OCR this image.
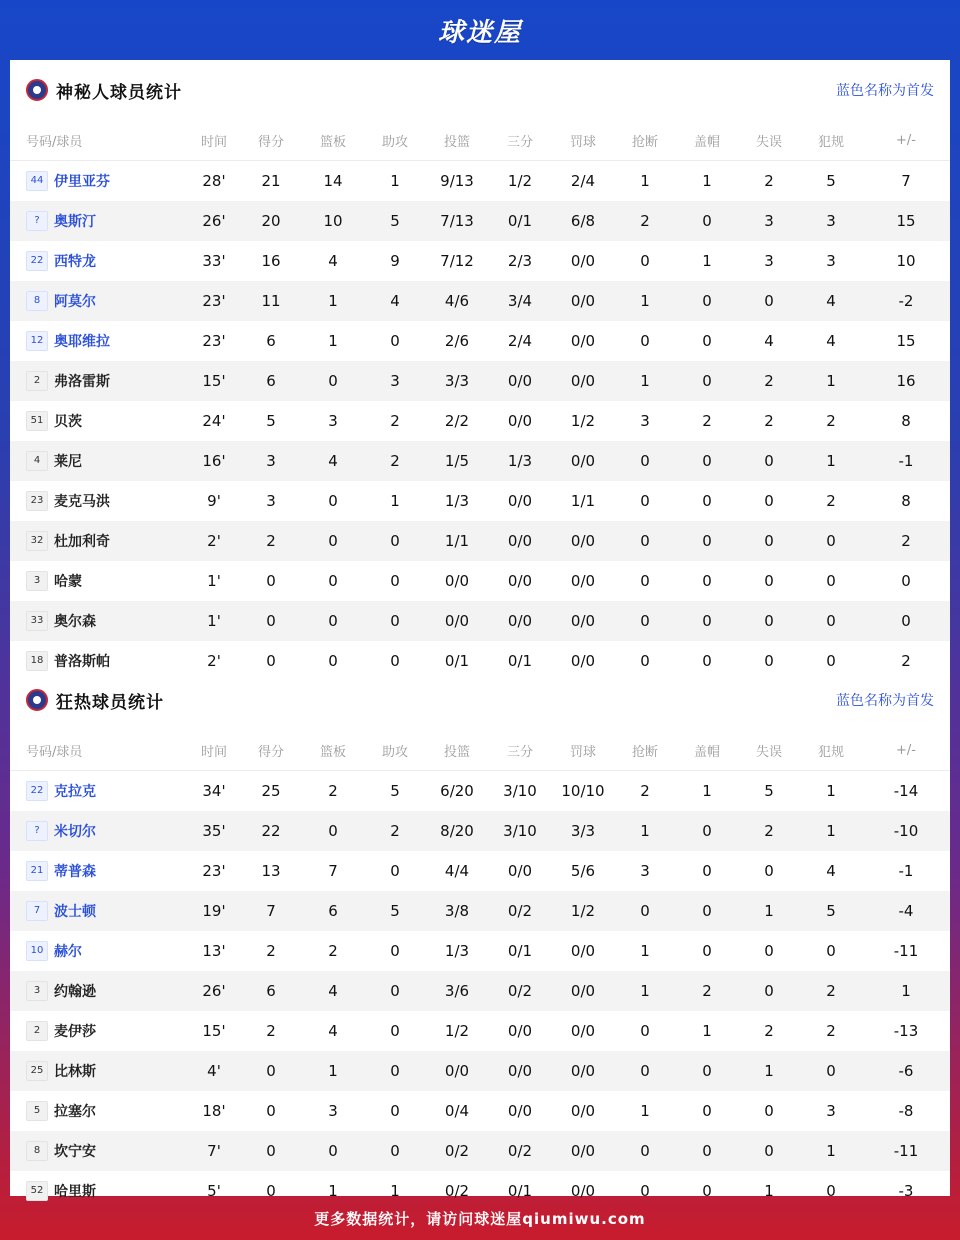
球迷屋
神秘人球员统计	蓝色名称为首发
号码/球员	时间	得分	篮板	助攻	投篮	三分	罚球	抢断	盖帽	失误	犯规	+/-
44 伊里亚芬	28'	21	14	1	9/13	1/2	2/4	1	1	2	5	7
? 奥斯汀	26'	20	10	5	7/13	0/1	6/8	2	0	3	3	15
22 西特龙	33'	16	4	9	7/12	2/3	0/0	0	1	3	3	10
8 阿莫尔	23'	11	1	4	4/6	3/4	0/0	1	0	0	4	-2
12 奥耶维拉	23'	6	1	0	2/6	2/4	0/0	0	0	4	4	15
2 弗洛雷斯	15'	6	0	3	3/3	0/0	0/0	1	0	2	1	16
51 贝茨	24'	5	3	2	2/2	0/0	1/2	3	2	2	2	8
4 莱尼	16'	3	4	2	1/5	1/3	0/0	0	0	0	1	-1
23 麦克马洪	9'	3	0	1	1/3	0/0	1/1	0	0	0	2	8
32 杜加利奇	2'	2	0	0	1/1	0/0	0/0	0	0	0	0	2
3 哈蒙	1'	0	0	0	0/0	0/0	0/0	0	0	0	0	0
33 奥尔森	1'	0	0	0	0/0	0/0	0/0	0	0	0	0	0
18 普洛斯帕	2'	0	0	0	0/1	0/1	0/0	0	0	0	0	2
狂热球员统计	蓝色名称为首发
号码/球员	时间	得分	篮板	助攻	投篮	三分	罚球	抢断	盖帽	失误	犯规	+/-
22 克拉克	34'	25	2	5	6/20	3/10	10/10	2	1	5	1	-14
? 米切尔	35'	22	0	2	8/20	3/10	3/3	1	0	2	1	-10
21 蒂普森	23'	13	7	0	4/4	0/0	5/6	3	0	0	4	-1
7 波士顿	19'	7	6	5	3/8	0/2	1/2	0	0	1	5	-4
10 赫尔	13'	2	2	0	1/3	0/1	0/0	1	0	0	0	-11
3 约翰逊	26'	6	4	0	3/6	0/2	0/0	1	2	0	2	1
2 麦伊莎	15'	2	4	0	1/2	0/0	0/0	0	1	2	2	-13
25 比林斯	4'	0	1	0	0/0	0/0	0/0	0	0	1	0	-6
5 拉塞尔	18'	0	3	0	0/4	0/0	0/0	1	0	0	3	-8
8 坎宁安	7'	0	0	0	0/2	0/2	0/0	0	0	0	1	-11
52 哈里斯	5'	0	1	1	0/2	0/1	0/0	0	0	1	0	-3
更多数据统计，请访问球迷屋qiumiwu.com
